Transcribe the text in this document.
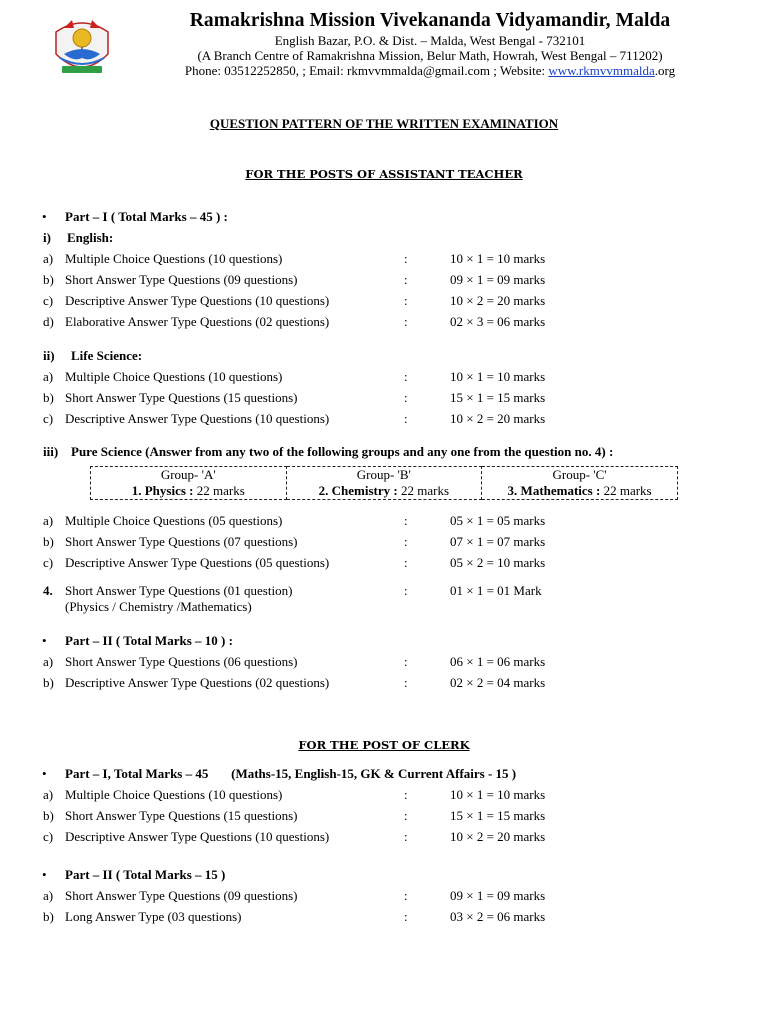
Ramakrishna Mission Vivekananda Vidyamandir, Malda
English Bazar, P.O. & Dist. – Malda, West Bengal - 732101
(A Branch Centre of Ramakrishna Mission, Belur Math, Howrah, West Bengal – 711202)
Phone: 03512252850, ; Email: rkmvvmmalda@gmail.com ; Website: www.rkmvvmmalda.org
QUESTION PATTERN OF THE WRITTEN EXAMINATION
FOR THE POSTS OF ASSISTANT TEACHER
• Part – I ( Total Marks – 45 ) :
i) English:
a) Multiple Choice Questions (10 questions)	:	10 × 1 = 10 marks
b) Short Answer Type Questions (09 questions)	:	09 × 1 = 09 marks
c) Descriptive Answer Type Questions (10 questions)	:	10 × 2 = 20 marks
d) Elaborative Answer Type Questions (02 questions)	:	02 × 3 = 06 marks
ii) Life Science:
a) Multiple Choice Questions (10 questions)	:	10 × 1 = 10 marks
b) Short Answer Type Questions (15 questions)	:	15 × 1 = 15 marks
c) Descriptive Answer Type Questions (10 questions)	:	10 × 2 = 20 marks
iii) Pure Science (Answer from any two of the following groups and any one from the question no. 4) :
Group- 'A'
1. Physics : 22 marks

Group- 'B'
2. Chemistry : 22 marks

Group- 'C'
3. Mathematics : 22 marks
a) Multiple Choice Questions (05 questions)	:	05 × 1 = 05 marks
b) Short Answer Type Questions (07 questions)	:	07 × 1 = 07 marks
c) Descriptive Answer Type Questions (05 questions)	:	05 × 2 = 10 marks
4. Short Answer Type Questions (01 question)	:	01 × 1 = 01 Mark
(Physics / Chemistry /Mathematics)
• Part – II ( Total Marks – 10 ) :
a) Short Answer Type Questions (06 questions)	:	06 × 1 = 06 marks
b) Descriptive Answer Type Questions (02 questions)	:	02 × 2 = 04 marks
FOR THE POST OF CLERK
• Part – I, Total Marks – 45       (Maths-15, English-15, GK & Current Affairs - 15 )
a) Multiple Choice Questions (10 questions)	:	10 × 1 = 10 marks
b) Short Answer Type Questions (15 questions)	:	15 × 1 = 15 marks
c) Descriptive Answer Type Questions (10 questions)	:	10 × 2 = 20 marks
• Part – II ( Total Marks – 15 )
a) Short Answer Type Questions (09 questions)	:	09 × 1 = 09 marks
b) Long Answer Type (03 questions)	:	03 × 2 = 06 marks
